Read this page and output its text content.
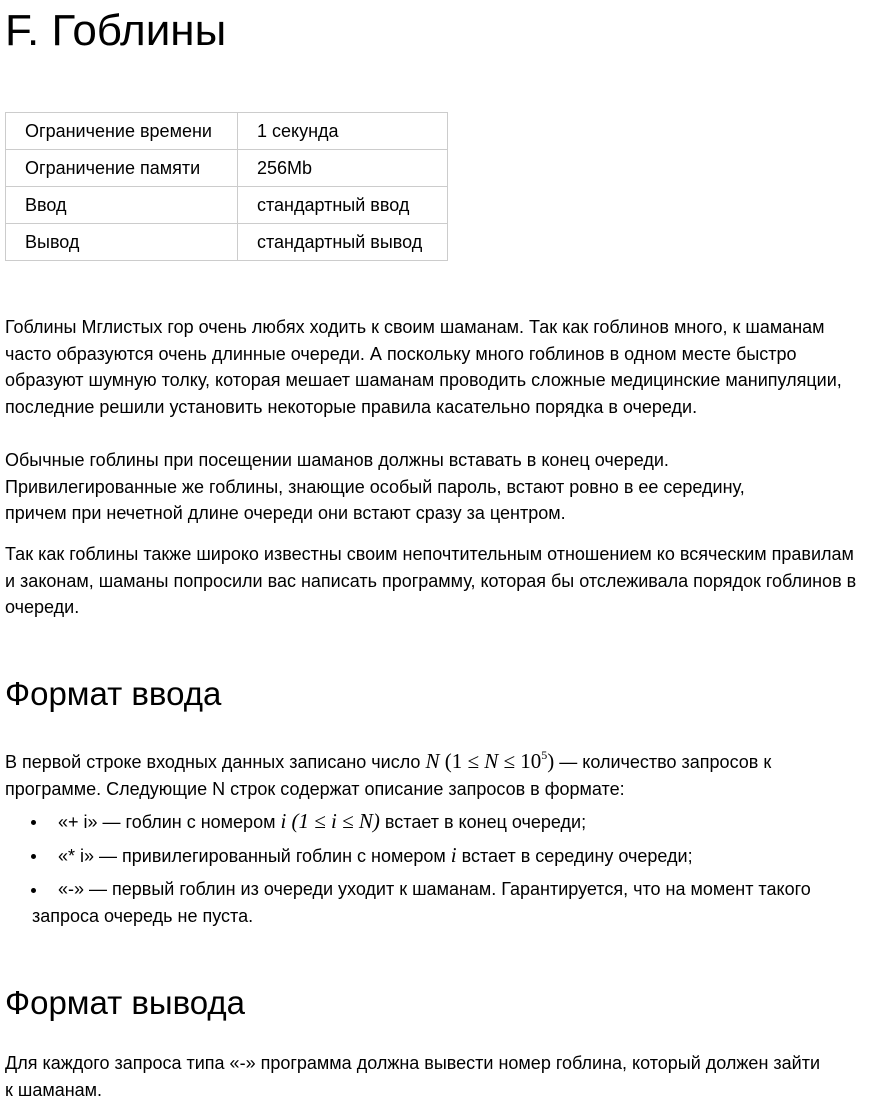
F. Гоблины
Ограничение времени	1 секунда
Ограничение памяти	256Mb
Ввод	стандартный ввод
Вывод	стандартный вывод

Гоблины Мглистых гор очень любях ходить к своим шаманам. Так как гоблинов много, к шаманам часто образуются очень длинные очереди. А поскольку много гоблинов в одном месте быстро образуют шумную толку, которая мешает шаманам проводить сложные медицинские манипуляции, последние решили установить некоторые правила касательно порядка в очереди.

Обычные гоблины при посещении шаманов должны вставать в конец очереди. Привилегированные же гоблины, знающие особый пароль, встают ровно в ее середину, причем при нечетной длине очереди они встают сразу за центром.

Так как гоблины также широко известны своим непочтительным отношением ко всяческим правилам и законам, шаманы попросили вас написать программу, которая бы отслеживала порядок гоблинов в очереди.

Формат ввода

В первой строке входных данных записано число N $(1 \le N \le 10^5)$ — количество запросов к программе. Следующие N строк содержат описание запросов в формате:

«+ i» — гоблин с номером i (1 ≤ i ≤ N) встает в конец очереди;
«* i» — привилегированный гоблин с номером i встает в середину очереди;
«-» — первый гоблин из очереди уходит к шаманам. Гарантируется, что на момент такого запроса очередь не пуста.
Формат вывода

Для каждого запроса типа «-» программа должна вывести номер гоблина, который должен зайти к шаманам.
